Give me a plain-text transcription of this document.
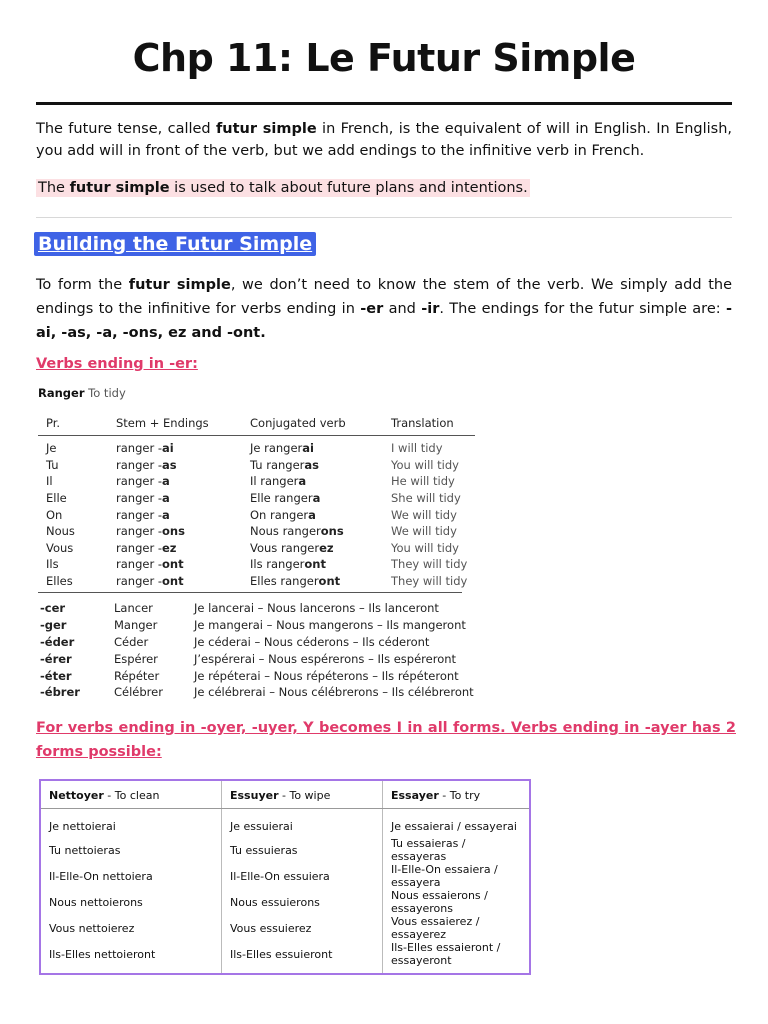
Chp 11: Le Futur Simple
The future tense, called futur simple in French, is the equivalent of will in English. In English, you add will in front of the verb, but we add endings to the infinitive verb in French.
The futur simple is used to talk about future plans and intentions.
Building the Futur Simple
To form the futur simple, we don’t need to know the stem of the verb. We simply add the endings to the infinitive for verbs ending in -er and -ir. The endings for the futur simple are: -ai, -as, -a, -ons, ez and -ont.
Verbs ending in -er:
Ranger To tidy
Pr.	Stem + Endings	Conjugated verb	Translation
Je	ranger -ai	Je rangerai	I will tidy
Tu	ranger -as	Tu rangeras	You will tidy
Il	ranger -a	Il rangera	He will tidy
Elle	ranger -a	Elle rangera	She will tidy
On	ranger -a	On rangera	We will tidy
Nous	ranger -ons	Nous rangerons	We will tidy
Vous	ranger -ez	Vous rangerez	You will tidy
Ils	ranger -ont	Ils rangeront	They will tidy
Elles	ranger -ont	Elles rangeront	They will tidy
-cer	Lancer	Je lancerai – Nous lancerons – Ils lanceront
-ger	Manger	Je mangerai – Nous mangerons – Ils mangeront
-éder	Céder	Je céderai – Nous céderons – Ils céderont
-érer	Espérer	J’espérerai – Nous espérerons – Ils espéreront
-éter	Répéter	Je répéterai – Nous répéterons – Ils répéteront
-ébrer	Célébrer	Je célébrerai – Nous célébrerons – Ils célébreront
For verbs ending in -oyer, -uyer, Y becomes I in all forms. Verbs ending in -ayer has 2 forms possible:
Nettoyer - To clean	Essuyer - To wipe	Essayer - To try
Je nettoierai	Je essuierai	Je essaierai / essayerai
Tu nettoieras	Tu essuieras	Tu essaieras / essayeras
Il-Elle-On nettoiera	Il-Elle-On essuiera	Il-Elle-On essaiera / essayera
Nous nettoierons	Nous essuierons	Nous essaierons / essayerons
Vous nettoierez	Vous essuierez	Vous essaierez / essayerez
Ils-Elles nettoieront	Ils-Elles essuieront	Ils-Elles essaieront / essayeront
